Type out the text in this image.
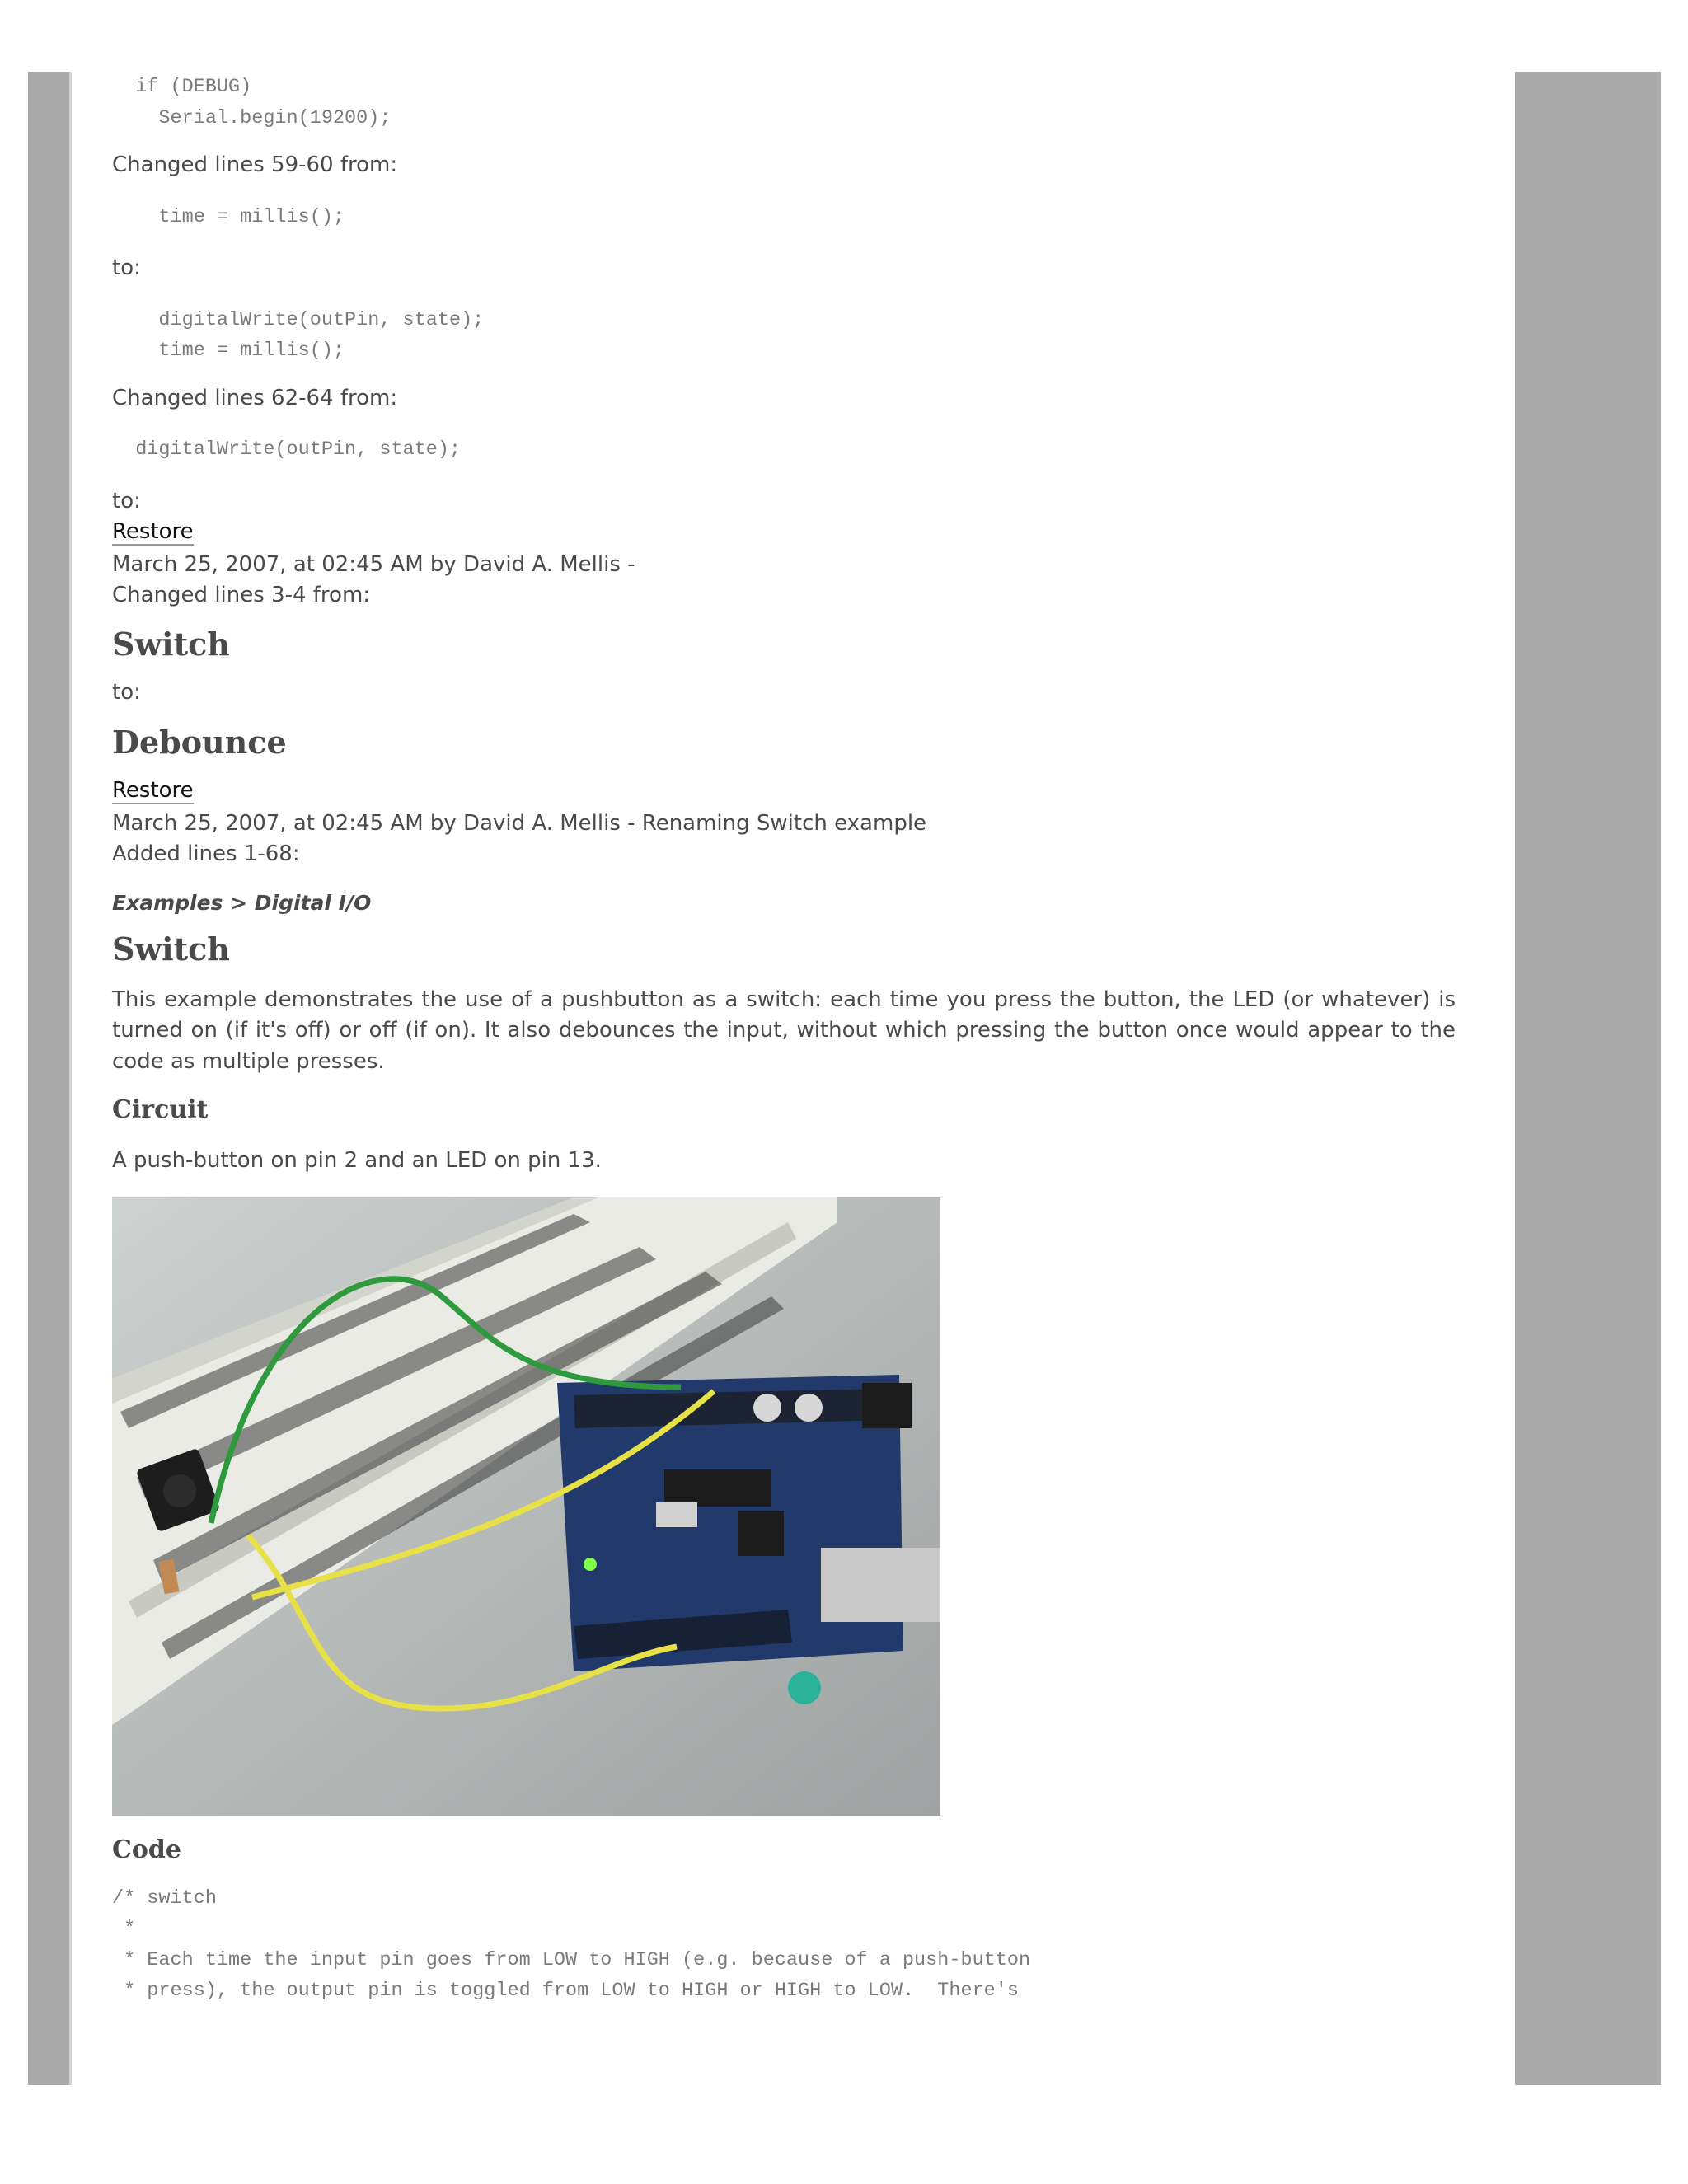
if (DEBUG)
Serial.begin(19200);

Changed lines 59-60 from:

time = millis();

to:

digitalWrite(outPin, state);
time = millis();

Changed lines 62-64 from:

digitalWrite(outPin, state);

to:

Restore

March 25, 2007, at 02:45 AM by David A. Mellis -

Changed lines 3-4 from:

Switch

to:

Debounce
Restore

March 25, 2007, at 02:45 AM by David A. Mellis - Renaming Switch example

Added lines 1-68:

Examples > Digital I/O

Switch

This example demonstrates the use of a pushbutton as a switch: each time you press the button, the LED (or whatever) is turned on (if it's off) or off (if on). It also debounces the input, without which pressing the button once would appear to the code as multiple presses.

Circuit

A push-button on pin 2 and an LED on pin 13.

Code
/* switch
*
* Each time the input pin goes from LOW to HIGH (e.g. because of a push-button
* press), the output pin is toggled from LOW to HIGH or HIGH to LOW.  There's
